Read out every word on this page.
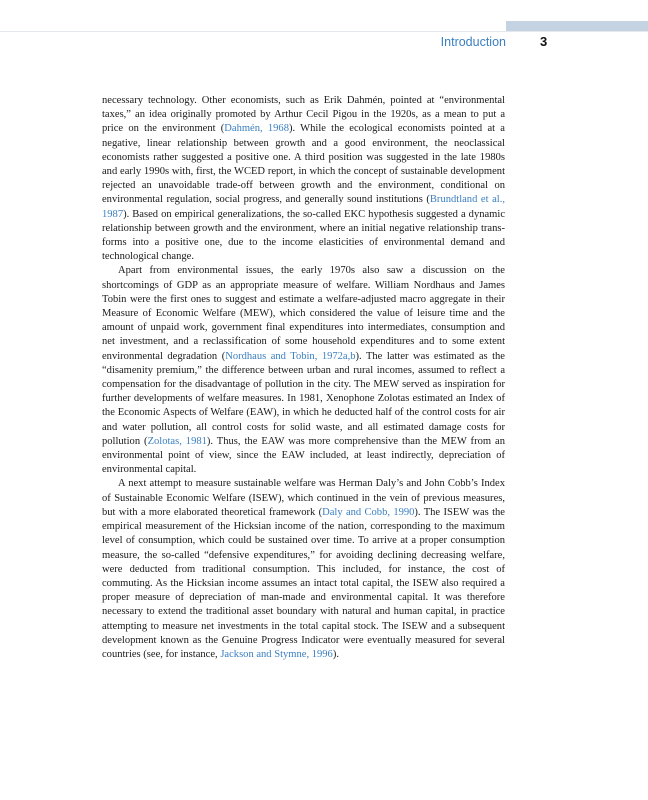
Introduction	3

necessary technology. Other economists, such as Erik Dahmén, pointed at “environmental taxes,” an idea originally promoted by Arthur Cecil Pigou in the 1920s, as a mean to put a price on the environment (Dahmén, 1968). While the ecological economists pointed at a negative, linear relationship between growth and a good environment, the neoclassical economists rather suggested a positive one. A third position was suggested in the late 1980s and early 1990s with, first, the WCED report, in which the concept of sustainable development rejected an unavoidable trade-off between growth and the environment, conditional on environmental regulation, social progress, and generally sound institutions (Brundtland et al., 1987). Based on empirical generalizations, the so-called EKC hypothesis suggested a dynamic relationship between growth and the environment, where an initial negative relationship transforms into a positive one, due to the income elasticities of environmental demand and technological change.

Apart from environmental issues, the early 1970s also saw a discussion on the shortcomings of GDP as an appropriate measure of welfare. William Nordhaus and James Tobin were the first ones to suggest and estimate a welfare-adjusted macro aggregate in their Measure of Economic Welfare (MEW), which considered the value of leisure time and the amount of unpaid work, government final expenditures into intermediates, consumption and net investment, and a reclassification of some household expenditures and to some extent environmental degradation (Nordhaus and Tobin, 1972a,b). The latter was estimated as the “disamenity premium,” the difference between urban and rural incomes, assumed to reflect a compensation for the disadvantage of pollution in the city. The MEW served as inspiration for further developments of welfare measures. In 1981, Xenophone Zolotas estimated an Index of the Economic Aspects of Welfare (EAW), in which he deducted half of the control costs for air and water pollution, all control costs for solid waste, and all estimated damage costs for pollution (Zolotas, 1981). Thus, the EAW was more comprehensive than the MEW from an environmental point of view, since the EAW included, at least indirectly, depreciation of environmental capital.

A next attempt to measure sustainable welfare was Herman Daly’s and John Cobb’s Index of Sustainable Economic Welfare (ISEW), which continued in the vein of previous measures, but with a more elaborated theoretical framework (Daly and Cobb, 1990). The ISEW was the empirical measurement of the Hicksian income of the nation, corresponding to the maximum level of consumption, which could be sustained over time. To arrive at a proper consumption measure, the so-called “defensive expenditures,” for avoiding declining decreasing welfare, were deducted from traditional consumption. This included, for instance, the cost of commuting. As the Hicksian income assumes an intact total capital, the ISEW also required a proper measure of depreciation of man-made and environmental capital. It was therefore necessary to extend the traditional asset boundary with natural and human capital, in practice attempting to measure net investments in the total capital stock. The ISEW and a subsequent development known as the Genuine Progress Indicator were eventually measured for several countries (see, for instance, Jackson and Stymne, 1996).
